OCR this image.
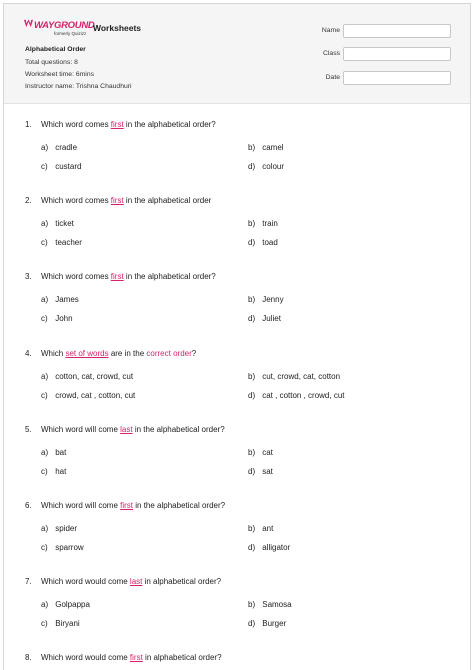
WAYGROUND
formerly Quizizz
Worksheets
Alphabetical Order
Total questions: 8
Worksheet time: 6mins
Instructor name: Trishna Chaudhuri
Name
Class
Date
1. Which word comes first in the alphabetical order?
a) cradle	b) camel
c) custard	d) colour
2. Which word comes first in the alphabetical order
a) ticket	b) train
c) teacher	d) toad
3. Which word comes first in the alphabetical order?
a) James	b) Jenny
c) John	d) Juliet
4. Which set of words are in the correct order?
a) cotton, cat, crowd, cut	b) cut, crowd, cat, cotton
c) crowd, cat , cotton, cut	d) cat , cotton , crowd, cut
5. Which word will come last in the alphabetical order?
a) bat	b) cat
c) hat	d) sat
6. Which word will come first in the alphabetical order?
a) spider	b) ant
c) sparrow	d) alligator
7. Which word would come last in alphabetical order?
a) Golpappa	b) Samosa
c) Biryani	d) Burger
8. Which word would come first in alphabetical order?
